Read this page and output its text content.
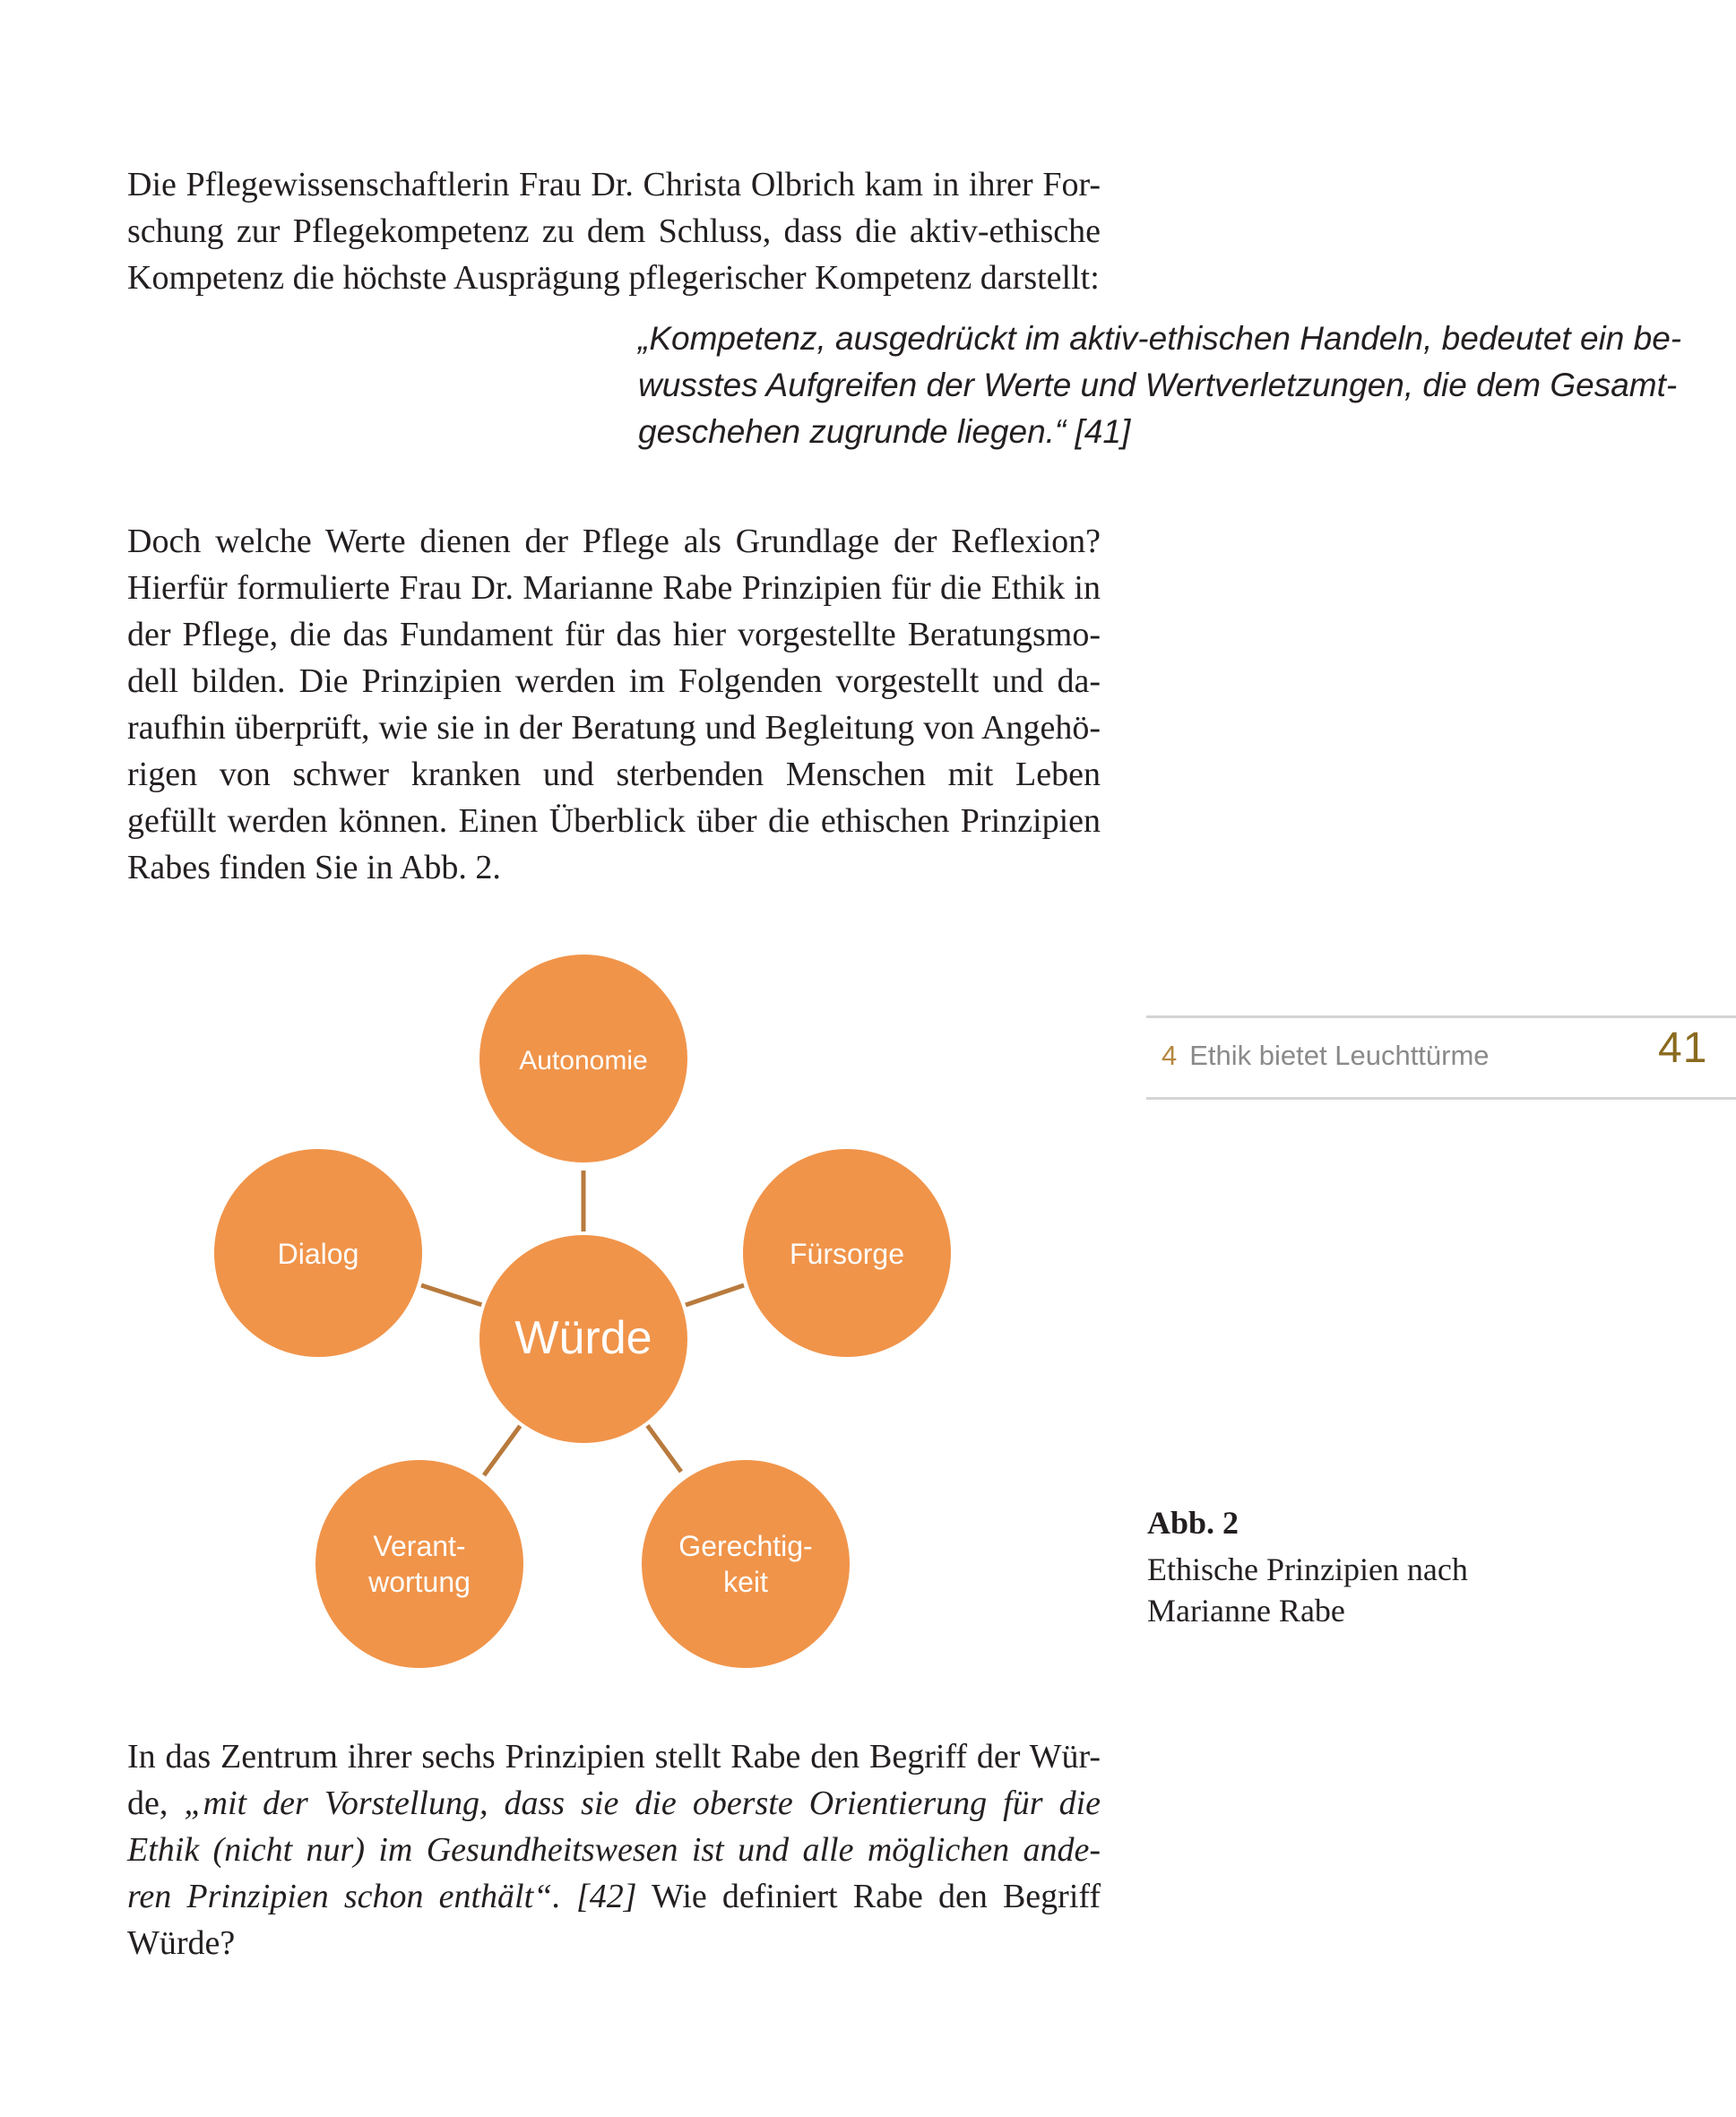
Die Pflegewissenschaftlerin Frau Dr. Christa Olbrich kam in ihrer For-
schung zur Pflegekompetenz zu dem Schluss, dass die aktiv-ethische
Kompetenz die höchste Ausprägung pflegerischer Kompetenz darstellt:
„Kompetenz, ausgedrückt im aktiv-ethischen Handeln, bedeutet ein be-
wusstes Aufgreifen der Werte und Wertverletzungen, die dem Gesamt-
geschehen zugrunde liegen.“ [41]
Doch welche Werte dienen der Pflege als Grundlage der Reflexion?
Hierfür formulierte Frau Dr. Marianne Rabe Prinzipien für die Ethik in
der Pflege, die das Fundament für das hier vorgestellte Beratungsmo-
dell bilden. Die Prinzipien werden im Folgenden vorgestellt und da-
raufhin überprüft, wie sie in der Beratung und Begleitung von Angehö-
rigen von schwer kranken und sterbenden Menschen mit Leben
gefüllt werden können. Einen Überblick über die ethischen Prinzipien
Rabes finden Sie in Abb. 2.
Autonomie
Fürsorge
Gerechtig-
keit
Verant-
wortung
Dialog
Würde
4 Ethik bietet Leuchttürme	41
Abb. 2
Ethische Prinzipien nach
Marianne Rabe
In das Zentrum ihrer sechs Prinzipien stellt Rabe den Begriff der Wür-
de, „mit der Vorstellung, dass sie die oberste Orientierung für die
Ethik (nicht nur) im Gesundheitswesen ist und alle möglichen ande-
ren Prinzipien schon enthält“. [42] Wie definiert Rabe den Begriff
Würde?
